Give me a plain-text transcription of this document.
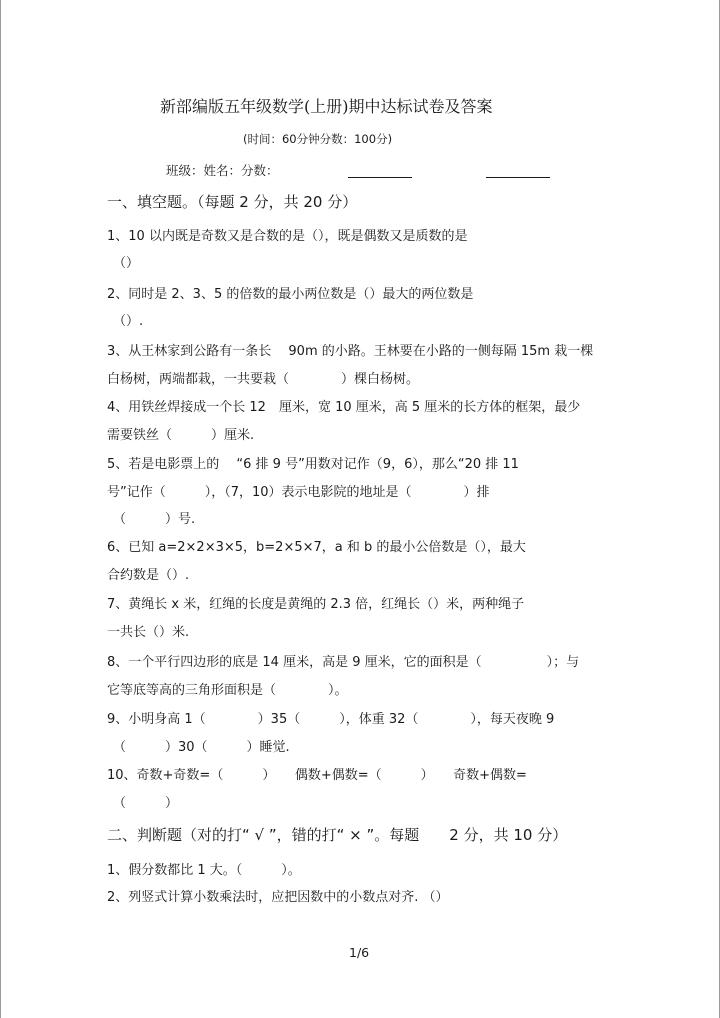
新部编版五年级数学(上册)期中达标试卷及答案
(时间：60分钟分数：100分)
班级：姓名：分数：
一、填空题。（每题 2 分，共 20 分）
1、10 以内既是奇数又是合数的是（），既是偶数又是质数的是
（）
2、同时是 2、3、5 的倍数的最小两位数是（）最大的两位数是
（）.
3、从王林家到公路有一条长　 90m 的小路。王林要在小路的一侧每隔 15m 栽一棵
白杨树，两端都栽，一共要栽（　　　　）棵白杨树。
4、用铁丝焊接成一个长 12　厘米，宽 10 厘米，高 5 厘米的长方体的框架，最少
需要铁丝（　　　）厘米.
5、若是电影票上的　 “6 排 9 号”用数对记作（9，6），那么“20 排 11
号”记作（　　　），（7，10）表示电影院的地址是（　　　　）排
（　　　）号.
6、已知 a=2×2×3×5，b=2×5×7，a 和 b 的最小公倍数是（），最大
合约数是（）.
7、黄绳长 x 米，红绳的长度是黄绳的 2.3 倍，红绳长（）米，两种绳子
一共长（）米.
8、一个平行四边形的底是 14 厘米，高是 9 厘米，它的面积是（　　　　　）；与
它等底等高的三角形面积是（　　　　）。
9、小明身高 1（　　　　）35（　　　），体重 32（　　　　），每天夜晚 9
（　　　）30（　　　）睡觉.
10、奇数+奇数=（　　　）　　偶数+偶数=（　　　）　　奇数+偶数=
（　　　）
二、判断题（对的打“ √ ”，错的打“ × ”。每题　　2 分，共 10 分）
1、假分数都比 1 大。（　　　）。
2、列竖式计算小数乘法时，应把因数中的小数点对齐. （）
1/6
